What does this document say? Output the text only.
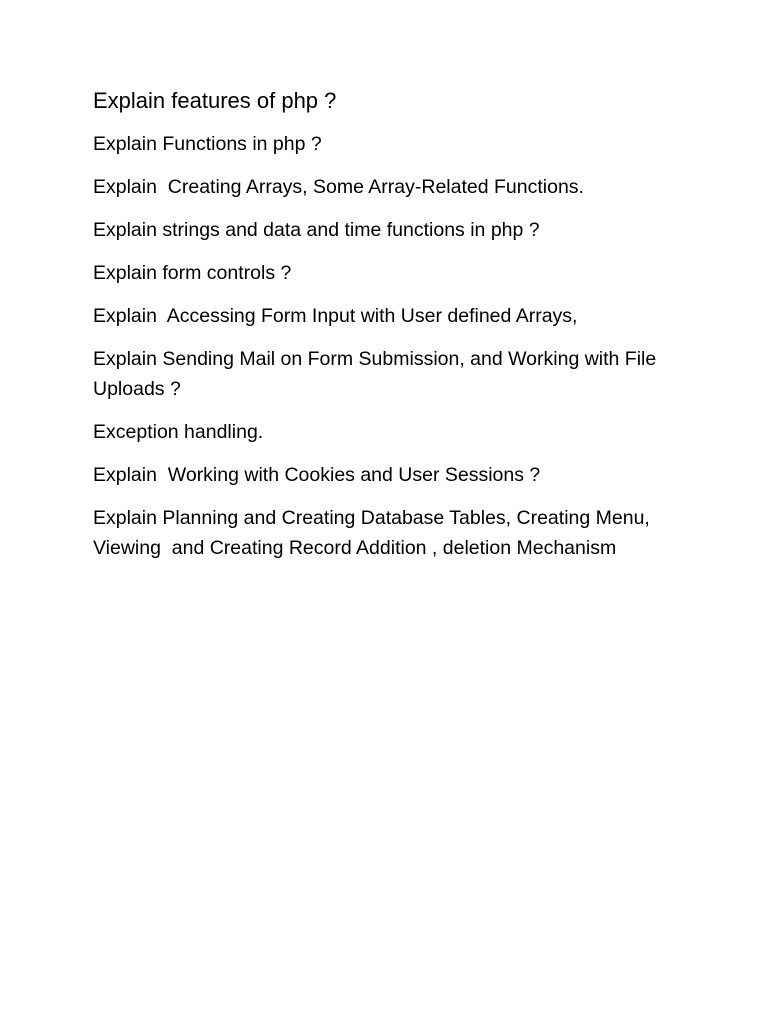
Explain features of php ?
Explain Functions in php ?
Explain  Creating Arrays, Some Array-Related Functions.
Explain strings and data and time functions in php ?
Explain form controls ?
Explain  Accessing Form Input with User defined Arrays,
Explain Sending Mail on Form Submission, and Working with File Uploads ?
Exception handling.
Explain  Working with Cookies and User Sessions ?
Explain Planning and Creating Database Tables, Creating Menu, Viewing  and Creating Record Addition , deletion Mechanism
